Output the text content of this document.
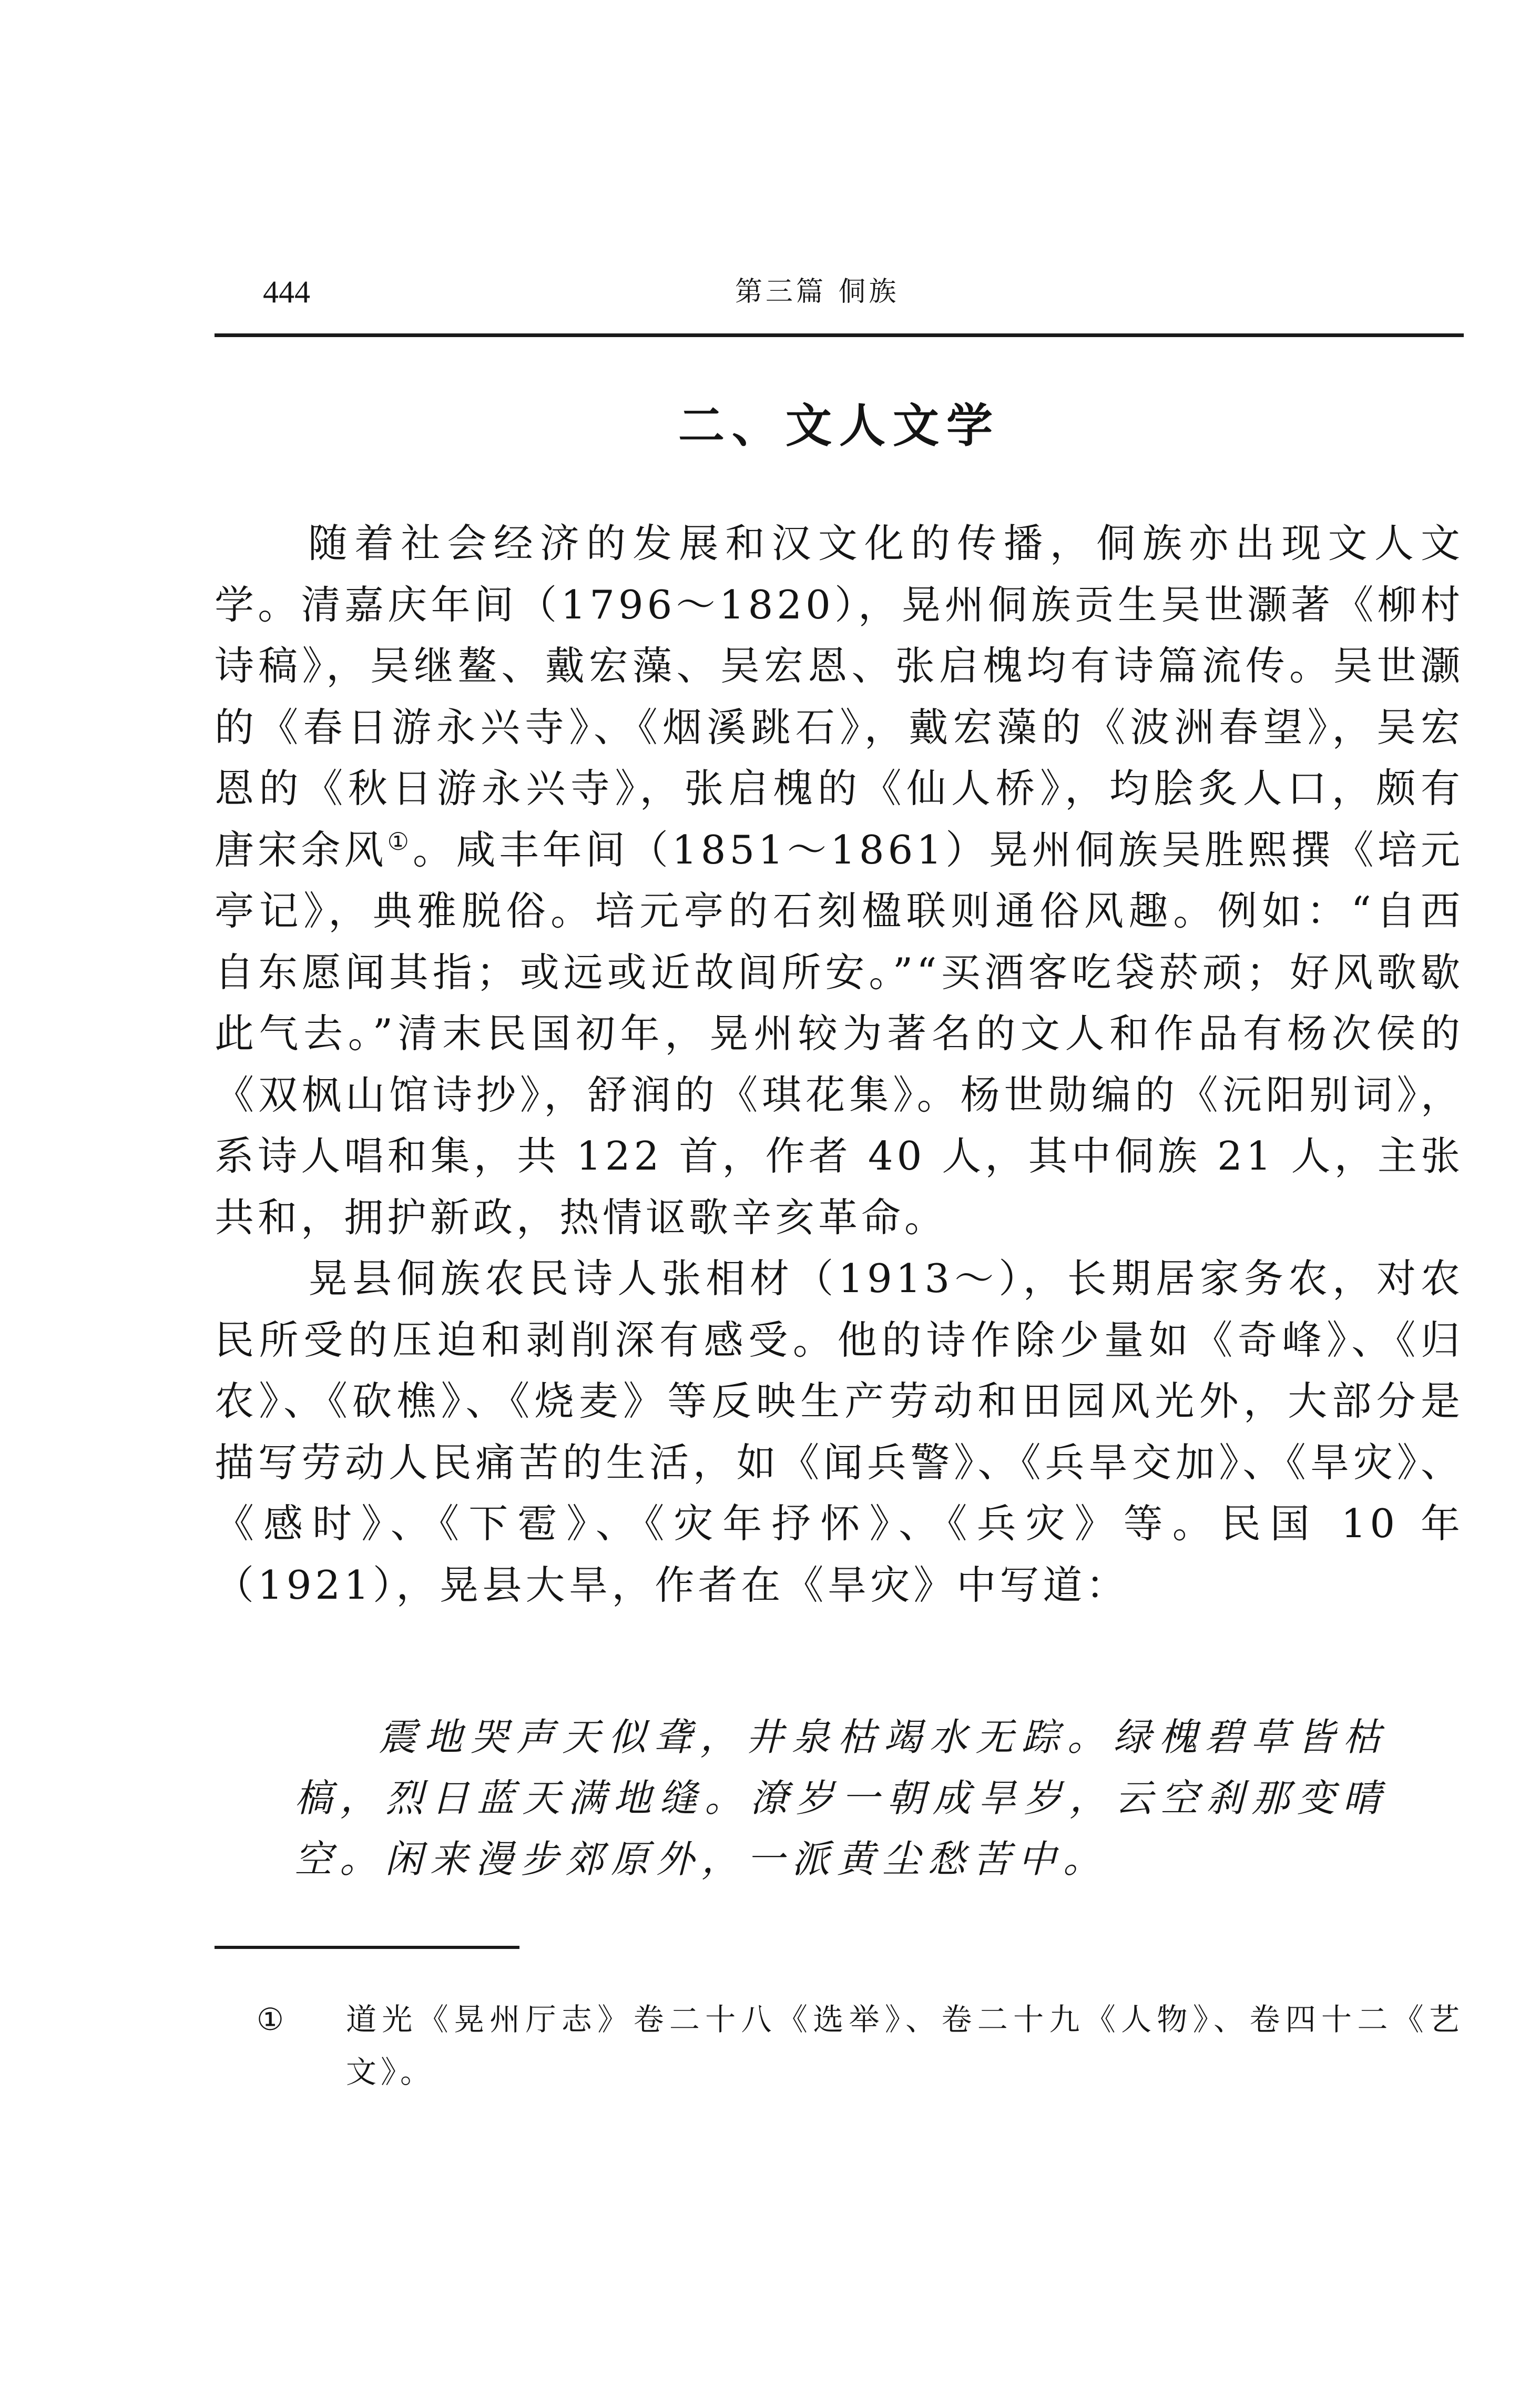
444	第三篇 侗族
二、文人文学

随着社会经济的发展和汉文化的传播，侗族亦出现文人文学。清嘉庆年间（1796～1820），晃州侗族贡生吴世灏著《柳村诗稿》，吴继鳌、戴宏藻、吴宏恩、张启槐均有诗篇流传。吴世灏的《春日游永兴寺》、《烟溪跳石》，戴宏藻的《波洲春望》，吴宏恩的《秋日游永兴寺》，张启槐的《仙人桥》，均脍炙人口，颇有唐宋余风①。咸丰年间（1851～1861）晃州侗族吴胜熙撰《培元亭记》，典雅脱俗。培元亭的石刻楹联则通俗风趣。例如：“自西自东愿闻其指；或远或近故闾所安。”“买酒客吃袋菸顽；好风歌歇此气去。”清末民国初年，晃州较为著名的文人和作品有杨次侯的《双枫山馆诗抄》，舒润的《琪花集》。杨世勋编的《沅阳别词》，系诗人唱和集，共 122 首，作者 40 人，其中侗族 21 人，主张共和，拥护新政，热情讴歌辛亥革命。

晃县侗族农民诗人张相材（1913～），长期居家务农，对农民所受的压迫和剥削深有感受。他的诗作除少量如《奇峰》、《归农》、《砍樵》、《烧麦》等反映生产劳动和田园风光外，大部分是描写劳动人民痛苦的生活，如《闻兵警》、《兵旱交加》、《旱灾》、《感时》、《下雹》、《灾年抒怀》、《兵灾》等。民国 10 年（1921），晃县大旱，作者在《旱灾》中写道：

震地哭声天似聋，井泉枯竭水无踪。绿槐碧草皆枯槁，烈日蓝天满地缝。潦岁一朝成旱岁，云空刹那变晴空。闲来漫步郊原外，一派黄尘愁苦中。
①	道光《晃州厅志》卷二十八《选举》、卷二十九《人物》、卷四十二《艺文》。
